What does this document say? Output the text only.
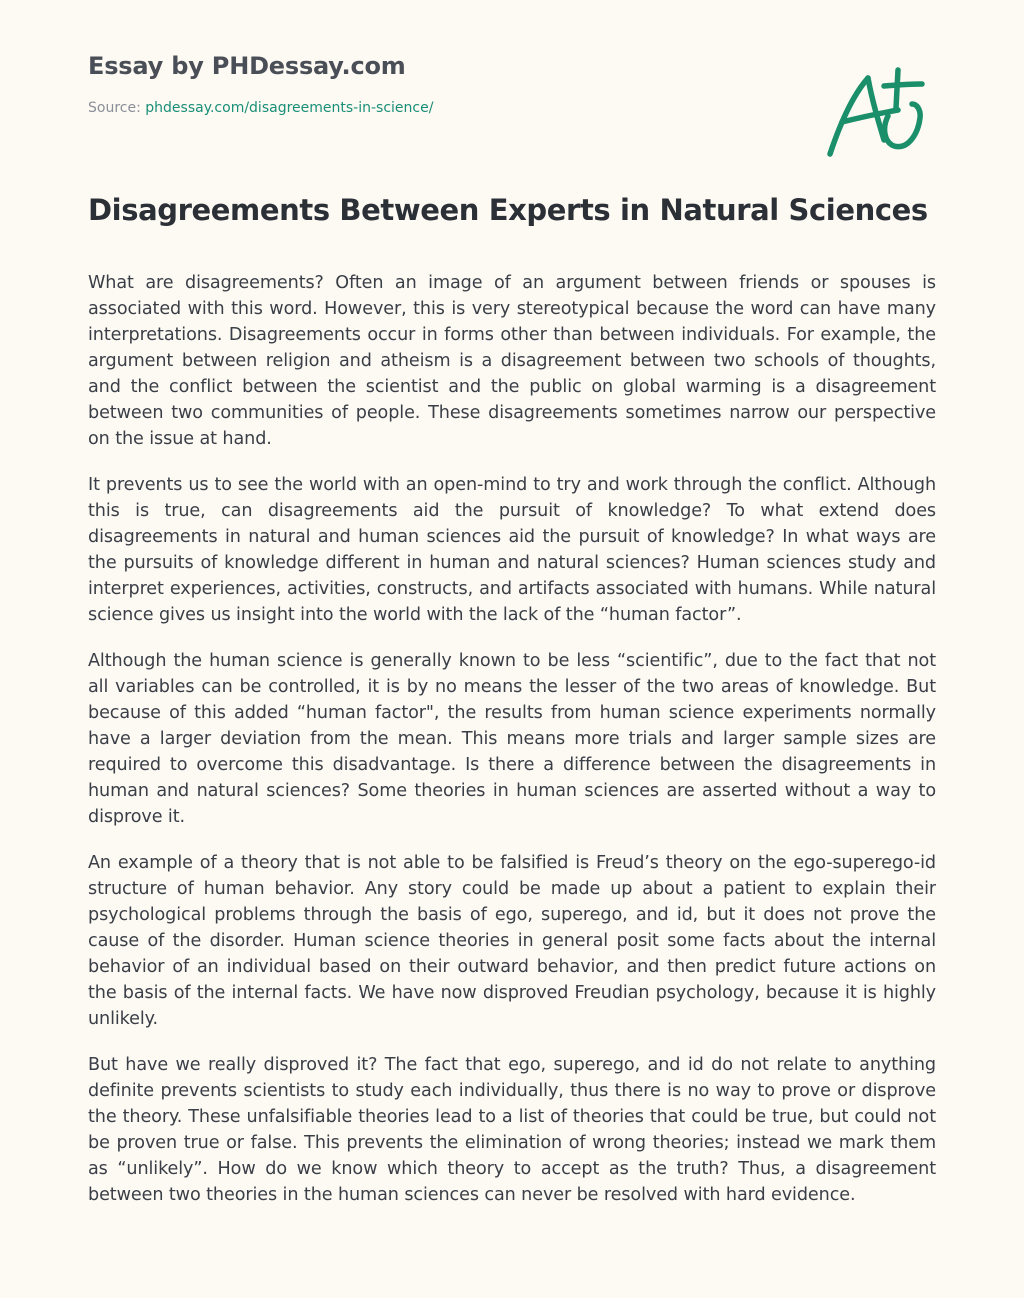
Essay by PHDessay.com
Source: phdessay.com/disagreements-in-science/
Disagreements Between Experts in Natural Sciences

What are disagreements? Often an image of an argument between friends or spouses is associated with this word. However, this is very stereotypical because the word can have many interpretations. Disagreements occur in forms other than between individuals. For example, the argument between religion and atheism is a disagreement between two schools of thoughts, and the conflict between the scientist and the public on global warming is a disagreement between two communities of people. These disagreements sometimes narrow our perspective on the issue at hand.

It prevents us to see the world with an open-mind to try and work through the conflict. Although this is true, can disagreements aid the pursuit of knowledge? To what extend does disagreements in natural and human sciences aid the pursuit of knowledge? In what ways are the pursuits of knowledge different in human and natural sciences? Human sciences study and interpret experiences, activities, constructs, and artifacts associated with humans. While natural science gives us insight into the world with the lack of the “human factor”.

Although the human science is generally known to be less “scientific”, due to the fact that not all variables can be controlled, it is by no means the lesser of the two areas of knowledge. But because of this added “human factor", the results from human science experiments normally have a larger deviation from the mean. This means more trials and larger sample sizes are required to overcome this disadvantage. Is there a difference between the disagreements in human and natural sciences? Some theories in human sciences are asserted without a way to disprove it.

An example of a theory that is not able to be falsified is Freud’s theory on the ego-superego-id structure of human behavior. Any story could be made up about a patient to explain their psychological problems through the basis of ego, superego, and id, but it does not prove the cause of the disorder. Human science theories in general posit some facts about the internal behavior of an individual based on their outward behavior, and then predict future actions on the basis of the internal facts. We have now disproved Freudian psychology, because it is highly unlikely.

But have we really disproved it? The fact that ego, superego, and id do not relate to anything definite prevents scientists to study each individually, thus there is no way to prove or disprove the theory. These unfalsifiable theories lead to a list of theories that could be true, but could not be proven true or false. This prevents the elimination of wrong theories; instead we mark them as “unlikely”. How do we know which theory to accept as the truth? Thus, a disagreement between two theories in the human sciences can never be resolved with hard evidence.
